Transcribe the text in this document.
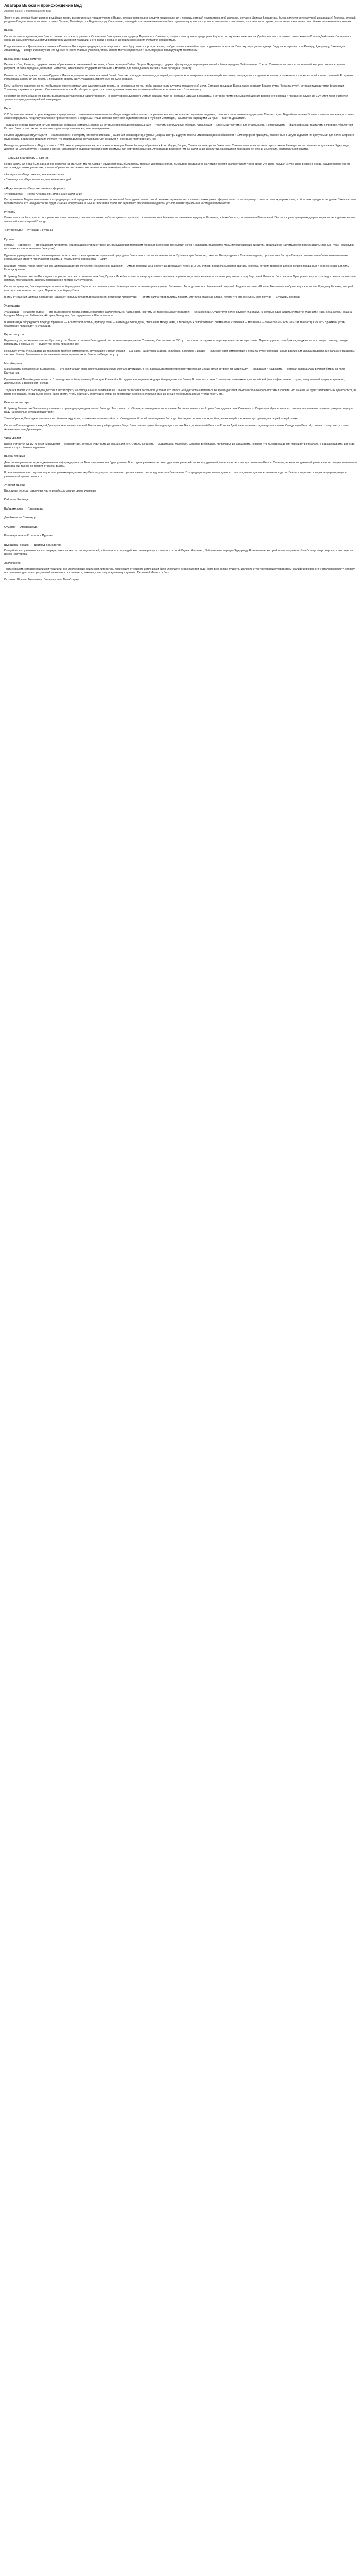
Аватара Вьюси и происхождение Вед
Аватара Вьюси и происхождение Вед

Этот ученик, которые будет идти на ведийские тексты вместе и концентрации учение о Ведах, которые непрерывно следует происхождения и порядку, который полагается в этой доктрине, согласно Шримад Бхагаватам. Вьюса является литературной инкарнацией Господа, который разделил Веду на четыре части и составил Пураны, Махабхарату и Веданта-сутру. Он полагает, что ведийское знание изначально было одним и передавалось устно из поколения в поколение, пока не пришло время, когда люди стали менее способными запоминать и понимать.

Вьюса

Согласно этим преданиям, имя Вьюса означает «тот, кто разделяет». Основатель Вьюсадева, сын мудреца Парашары и Сатьявати, родился на острове посреди реки Ямуна и потому также известен как Двайпаяна, а из-за темного цвета кожи — Кришна Двайпаяна. Он является одной из самых почитаемых фигур в индийской духовной традиции, и его вклад в сохранение ведийского знания считается неоценимым.

Когда закончилась Двапара-юга и началась Кали-юга, Вьюсадева предвидел, что люди нового века будут иметь короткую жизнь, слабую память и малый интерес к духовным вопросам. Поэтому он разделил единую Веду на четыре части — Ригведу, Яджурведу, Самаведу и Атхарваведу — и поручил каждую из них одному из своих главных учеников, чтобы знание могло сохраниться и быть передано последующим поколениям.

Вьюса-деви: Веды Золотое

Первая из Вед, Ригведа, содержит гимны, обращенные к различным божествам, и была передана Пайле. Вторая, Яджурведа, содержит формулы для жертвоприношений и была передана Вайшампаяне. Третья, Самаведа, состоит из песнопений, которые поются во время ритуалов, и была передана Джаймини. Четвертая, Атхарваведа, содержит заклинания и молитвы для повседневной жизни и была передана Суманту.

Помимо этого, Вьюсадева составил Пураны и Итихасы, которые называются пятой Ведой. Эти тексты предназначались для людей, которые не могли изучать сложные ведийские гимны, но нуждались в духовном знании, изложенном в форме историй и повествований. Его ученик Ромахаршана получил эти тексты и передал их своему сыну Уграшраве, известному как Сута Госвами.

Есть Наиболее существенно то, что Вьюса не просто записал уже существующие тексты, но упорядочил их так, чтобы каждая часть служила определенной цели. Согласно традиции, Вьюса также составил Брахма-сутру (Веданта-сутру), которая подводит итог философии Упанишад в кратких афоризмах. Он считается автором Махабхараты, одного из самых длинных эпических произведений в мире, включающего Бхагавад-гиту.

Несмотря на столь обширную работу, Вьюсадева не чувствовал удовлетворения. По совету своего духовного учителя Нарады Муни он составил Шримад Бхагаватам, в котором прямо описываются деяния Верховного Господа и преданное служение Ему. Этот текст считается зрелым плодом древа ведийской литературы.

Веды

О.С Ведические знания и происхождение в традиции часто называются «вечными» — «Веды апаурушейа» — «несотворенные человеком» или «не созданные людьми», хотя они и записываются мудрецами. Считается, что Веды были явлены Брахме в начале творения, и от него знание передалось по цепи ученической преемственности к мудрецам. Риши, которые получали ведийские гимны в глубокой медитации, называются «видящими мантры» — мантра-драштами.

Традиционно Веды включают четыре основных собрания (самхиты), каждое из которых сопровождается Брахманами — текстами о ритуальных обрядах, Араньяками — «лесными текстами» для отшельников, и Упанишадами — философскими трактатами о природе Абсолютной Истины. Вместе эти тексты составляют шрути — «услышанное», то есть откровение.

Помимо шрути существует смрити — «запомненное», к которому относятся Итихасы (Рамаяна и Махабхарата), Пураны, Дхарма-шастры и другие тексты. Эти произведения объясняют и иллюстрируют принципы, изложенные в шрути, и делают их доступными для более широкого круга людей. Ведийская традиция считает, что смрити должны согласовываться со шрути и никогда не противоречить им.

Ригведа — древнейшая из Вед, состоит из 1028 гимнов, разделенных на десять книг — мандал. Гимны Ригведы обращены к Агни, Индре, Варуне, Соме и многим другим божествам. Самаведа в основном заимствует стихи из Ригведы, но располагает их для пения. Яджурведа делится на Шукла (белую) и Кришна (черную) Яджурведу и содержит прозаические формулы для жертвоприношений. Атхарваведа включает гимны, заклинания и молитвы, касающиеся повседневной жизни, исцеления, благополучия и защиты.

— Шримад Бхагаватам 1.4.19–25

Первоначальная Веда была одна, и она состояла из ста тысяч мантр. Слова и звуки этой Веды были полны трансцендентной энергии. Вьюсадева разделил ее на четыре части и распространил через своих учеников. Каждый из учеников, в свою очередь, разделил полученную часть между своими учениками, и таким образом возникли многочисленные ветви (шакхи) ведийского знания.

«Ригведа» — «Веда гимнов», или знание хвалы

«Самаведа» — «Веда напевов», или знание мелодий

«Яджурведа» — «Веда жертвенных формул»

«Атхарваведа» — «Веда Атхарванов», или знание заклинаний

Исследователи Вед часто отмечают, что традиция устной передачи на протяжении тысячелетий была удивительно точной. Ученики заучивали тексты в нескольких разных формах — патха — например, слово за словом, парами слов, в обратном порядке и так далее. Такая система гарантировала, что ни один слог не будет изменен или утрачен. ЮНЕСКО признала традицию ведийского песнопения шедевром устного и нематериального наследия человечества.

Итихасы

Итихасы — «так было» — это исторические повествования, которые описывают события далекого прошлого. К ним относятся Рамаяна, составленная мудрецом Вальмики, и Махабхарата, составленная Вьюсадевой. Эти эпосы учат принципам дхармы через жизнь и деяния великих личностей и воплощений Господа.

«Пятая Веда» — Итихасы и Пураны

Пураны

Пураны — «древние» — это обширная литература, содержащая истории о творении, разрушении и повторном творении вселенной, генеалогии богов и мудрецов, правлениях Ману, истории царских династий. Традиционно насчитывается восемнадцать главных Пуран (Махапуран) и столько же второстепенных (Упапуран).

Пураны подразделяются на три категории в соответствии с тремя гунами материальной природы — благостью, страстью и невежеством. Пураны в гуне благости, такие как Вишну-пурана и Бхагавата-пурана, прославляют Господа Вишну и считаются наиболее возвышенными. Пураны в гуне страсти прославляют Брахму, а Пураны в гуне невежества — Шиву.

Бхагавата-пурана, также известная как Шримад Бхагаватам, считается «безупречной Пураной» — Амала-пураной. Она состоит из двенадцати песен и 18 000 стихов. В ней описываются аватары Господа, история творения, деяния великих преданных и особенно жизнь и лилы Господа Кришны.

В Шримад Бхагаватам сам Вьюсадева говорит, что после составления всех Вед, Пуран и Махабхараты он все еще чувствовал неудовлетворенность, потому что не описал непосредственно славу Верховной Личности Бога. Нарада Муни указал ему на этот недостаток и посоветовал написать произведение, целиком посвященное преданному служению.

Согласно традиции, Вьюсадева медитировал на берегу реки Сарасвати в своем ашраме Шамьяпраса и в состоянии транса увидел Верховного Господа вместе с Его внешней энергией. Тогда он составил Шримад Бхагаватам и обучил ему своего сына Шукадеву Госвами, который впоследствии поведал его царю Парикшиту на берегу Ганги.

В этом отношении Шримад Бхагаватам называют «зрелым плодом древа желаний ведийской литературы» — нигама-калпа-тарор галитам пхалам. Этот плод стал еще слаще, потому что его коснулись уста попугая — Шукадевы Госвами.

Упанишады

Упанишады — «сидение рядом» — это философские тексты, которые являются заключительной частью Вед. Поэтому их также называют Ведантой — «концом Вед». Существует более двухсот Упанишад, из которых одиннадцать считаются главными: Иша, Кена, Катха, Прашна, Мундака, Мандукья, Тайттирия, Айтарея, Чхандогья, Брихадараньяка и Шветашватара.

В Упанишадах обсуждаются природа Брахмана — Абсолютной Истины, природа атмы — индивидуальной души, отношения между ними, а также путь к освобождению. Знаменитые изречения — махавакьи — такие как «Ты есть То» (тат твам аси) и «Я есть Брахман» (ахам брахмасми) происходят из Упанишад.

Веданта-сутра

Веданта-сутра, также известная как Брахма-сутра, была составлена Вьюсадевой для систематизации учения Упанишад. Она состоит из 555 сутр — кратких афоризмов, — разделенных на четыре главы. Первая сутра «атхато брахма джиджнаса» — «теперь, поэтому, следует вопрошать о Брахмане» — задает тон всему произведению.

Поскольку сутры очень кратки, их понимание требует комментария. Крупнейшие учителя-ачарьи — Шанкара, Рамануджа, Мадхва, Нимбарка, Валлабха и другие — написали свои комментарии к Веданта-сутре, положив начало различным школам Веданты. Бенгальские вайшнавы считают Шримад Бхагаватам естественным комментарием самого Вьюсы на Веданта-сутру.

Махабхарата

Махабхарата, составленная Вьюсадевой, — это величайший эпос, насчитывающий около 100 000 двустиший. В ней рассказывается история противостояния между двумя ветвями династии Куру — Пандавами и Кауравами, — которая завершилась великой битвой на поле Курукшетра.

Кульминацией Махабхараты является Бхагавад-гита — беседа между Господом Кришной и Его другом и преданным Арджуной перед началом битвы. В семистах стихах Бхагавад-гиты изложена суть ведийской философии: знание о душе, материальной природе, времени, деятельности и Верховном Господе.

Традиция гласит, что Вьюсадева диктовал Махабхарату, а Господь Ганеша записывал ее. Ганеша согласился писать при условии, что Вьюса не будет останавливаться во время диктовки. Вьюса в свою очередь поставил условие, что Ганеша не будет записывать ни одного стиха, не поняв его смысла. Когда Вьюсе нужно было время, чтобы обдумать следующие стихи, он произносил особенно сложный стих, и Ганеше требовалось время, чтобы понять его.

Вьюса как аватара

В Шримад Бхагаватам Вьюсадева упоминается среди двадцати двух аватар Господа. Там говорится: «Затем, в семнадцатом воплощении, Господь появился как Шрила Вьюсадева в лоне Сатьявати от Парашары Муни и, видя, что люди в целом менее разумны, разделил единую Веду на несколько ветвей и подветвей».

Таким образом, Вьюсадева считается не обычным мудрецом, а шактьявеша-аватарой — особо наделенной силой воплощением Господа. Его задача состоит в том, чтобы сделать ведийское знание доступным для людей каждой эпохи.

Согласно Вишну-пуране, в каждой Двапара-юге появляется новый Вьюса, который разделяет Веды. В настоящем цикле было двадцать восемь Вьюс, и нынешний Вьюса — Кришна Двайпаяна — является двадцать восьмым. Следующим Вьюсой, согласно этому тексту, станет Ашваттхама, сын Дроначарьи.

Чирандживи

Вьюса считается одним из семи чирандживи — бессмертных, которые будут жить до конца Кали-юги. Остальные шесть — Ашваттхама, Махабали, Хануман, Вибхишана, Крипачарья и Парашурама. Говорят, что Вьюсадева до сих пор живет в Гималаях, в Бадарикашраме, и иногда является достойным преданным.

Вьюса-пурнима

День полнолуния в месяц Ашадха (июнь-июль) празднуется как Вьюса-пурнима или Гуру-пурнима. В этот день ученики чтят своих духовных учителей, поскольку духовный учитель считается представителем Вьюсы. Сидение, на котором духовный учитель читает лекции, называется Вьюсасаной, так как он говорит от имени Вьюсы.

В день явления своего духовного учителя ученики предлагают ему Вьюса-пуджу — поклонение, признающее его как представителя Вьюсадевы. Эта традиция подчеркивает идею, что все подлинное духовное знание исходит от Вьюсы и передается через непрерывную цепь ученической преемственности.

Ученики Вьюсы

Вьюсадева передал различные части ведийского знания своим ученикам:

Пайла — Ригведа

Вайшампаяна — Яджурведа

Джаймини — Самаведа

Суманту — Атхарваведа

Ромахаршана — Итихасы и Пураны

Шукадева Госвами — Шримад Бхагаватам

Каждый из этих учеников, в свою очередь, имел множество последователей, и благодаря этому ведийское знание распространилось по всей Индии. Например, Вайшампаяна передал Яджурведу Яджнавалкье, который позже получил от бога Солнца новую версию, известную как Шукла Яджурведа.

Заключение

Таким образом, согласно ведийской традиции, все многообразие ведийской литературы происходит от единого источника и было упорядочено Вьюсадевой ради блага всех живых существ. Изучение этих текстов под руководством квалифицированного учителя позволяет человеку постепенно подняться от ритуальной деятельности к знанию и, наконец, к чистому преданному служению Верховной Личности Бога.

Источник: Шримад Бхагаватам, Вишну-пурана, Махабхарата
